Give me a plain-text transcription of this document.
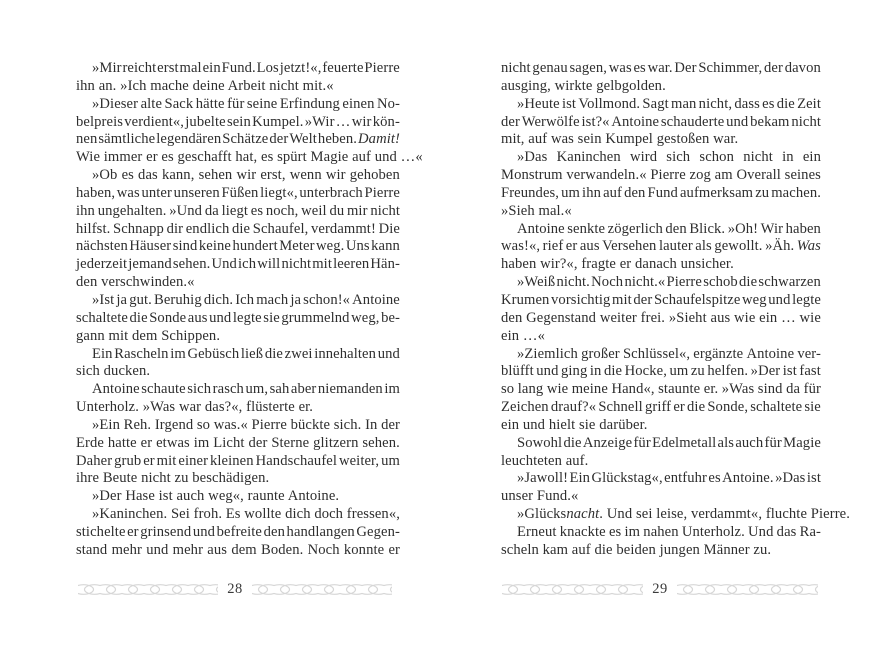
»Mir reicht erst mal ein Fund. Los jetzt!«, feuerte Pierre
ihn an. »Ich mache deine Arbeit nicht mit.«
»Dieser alte Sack hätte für seine Erfindung einen No-
belpreis verdient«, jubelte sein Kumpel. »Wir … wir kön-
nen sämtliche legendären Schätze der Welt heben. Damit!
Wie immer er es geschafft hat, es spürt Magie auf und …«
»Ob es das kann, sehen wir erst, wenn wir gehoben
haben, was unter unseren Füßen liegt«, unterbrach Pierre
ihn ungehalten. »Und da liegt es noch, weil du mir nicht
hilfst. Schnapp dir endlich die Schaufel, verdammt! Die
nächsten Häuser sind keine hundert Meter weg. Uns kann
jederzeit jemand sehen. Und ich will nicht mit leeren Hän-
den verschwinden.«
»Ist ja gut. Beruhig dich. Ich mach ja schon!« Antoine
schaltete die Sonde aus und legte sie grummelnd weg, be-
gann mit dem Schippen.
Ein Rascheln im Gebüsch ließ die zwei innehalten und
sich ducken.
Antoine schaute sich rasch um, sah aber niemanden im
Unterholz. »Was war das?«, flüsterte er.
»Ein Reh. Irgend so was.« Pierre bückte sich. In der
Erde hatte er etwas im Licht der Sterne glitzern sehen.
Daher grub er mit einer kleinen Handschaufel weiter, um
ihre Beute nicht zu beschädigen.
»Der Hase ist auch weg«, raunte Antoine.
»Kaninchen. Sei froh. Es wollte dich doch fressen«,
stichelte er grinsend und befreite den handlangen Gegen-
stand mehr und mehr aus dem Boden. Noch konnte er
nicht genau sagen, was es war. Der Schimmer, der davon
ausging, wirkte gelbgolden.
»Heute ist Vollmond. Sagt man nicht, dass es die Zeit
der Werwölfe ist?« Antoine schauderte und bekam nicht
mit, auf was sein Kumpel gestoßen war.
»Das Kaninchen wird sich schon nicht in ein
Monstrum verwandeln.« Pierre zog am Overall seines
Freundes, um ihn auf den Fund aufmerksam zu machen.
»Sieh mal.«
Antoine senkte zögerlich den Blick. »Oh! Wir haben
was!«, rief er aus Versehen lauter als gewollt. »Äh. Was
haben wir?«, fragte er danach unsicher.
»Weiß nicht. Noch nicht.« Pierre schob die schwarzen
Krumen vorsichtig mit der Schaufelspitze weg und legte
den Gegenstand weiter frei. »Sieht aus wie ein … wie
ein …«
»Ziemlich großer Schlüssel«, ergänzte Antoine ver-
blüfft und ging in die Hocke, um zu helfen. »Der ist fast
so lang wie meine Hand«, staunte er. »Was sind da für
Zeichen drauf?« Schnell griff er die Sonde, schaltete sie
ein und hielt sie darüber.
Sowohl die Anzeige für Edelmetall als auch für Magie
leuchteten auf.
»Jawoll! Ein Glückstag«, entfuhr es Antoine. »Das ist
unser Fund.«
»Glücksnacht. Und sei leise, verdammt«, fluchte Pierre.
Erneut knackte es im nahen Unterholz. Und das Ra-
scheln kam auf die beiden jungen Männer zu.
28	29
